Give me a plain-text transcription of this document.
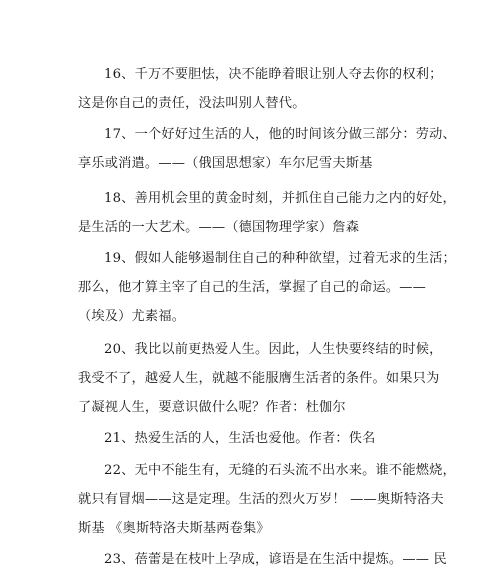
16、千万不要胆怯，决不能睁着眼让别人夺去你的权利；
这是你自己的责任，没法叫别人替代。
17、一个好好过生活的人，他的时间该分做三部分：劳动、
享乐或消遣。——（俄国思想家）车尔尼雪夫斯基
18、善用机会里的黄金时刻，并抓住自己能力之内的好处，
是生活的一大艺术。——（德国物理学家）詹森
19、假如人能够遏制住自己的种种欲望，过着无求的生活；
那么，他才算主宰了自己的生活，掌握了自己的命运。——
（埃及）尤素福。
20、我比以前更热爱人生。因此，人生快要终结的时候，
我受不了，越爱人生，就越不能服膺生活者的条件。如果只为
了凝视人生，要意识做什么呢？作者：杜伽尔
21、热爱生活的人，生活也爱他。作者：佚名
22、无中不能生有，无缝的石头流不出水来。谁不能燃烧，
就只有冒烟——这是定理。生活的烈火万岁！ ——奥斯特洛夫
斯基 《奥斯特洛夫斯基两卷集》
23、蓓蕾是在枝叶上孕成，谚语是在生活中提炼。—— 民
